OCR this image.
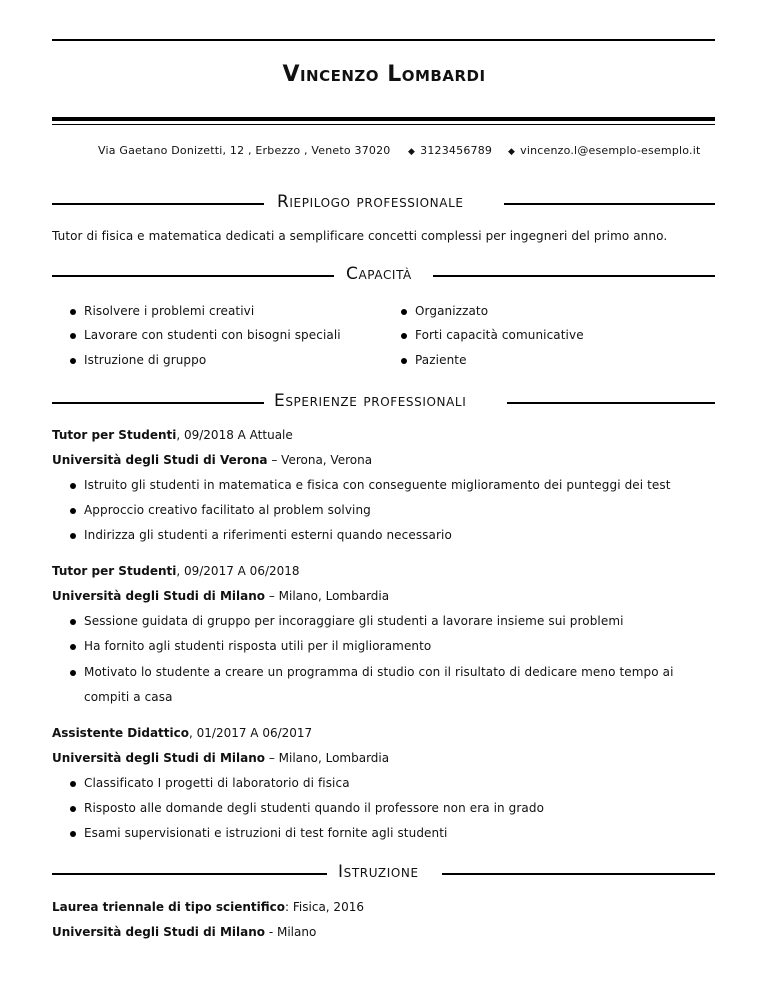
Vincenzo Lombardi
Via Gaetano Donizetti, 12 , Erbezzo , Veneto 37020 ◆ 3123456789 ◆ vincenzo.l@esemplo-esemplo.it
Riepilogo professionale
Tutor di fisica e matematica dedicati a semplificare concetti complessi per ingegneri del primo anno.
Capacità
Risolvere i problemi creativi
Lavorare con studenti con bisogni speciali
Istruzione di gruppo
Organizzato
Forti capacità comunicative
Paziente
Esperienze professionali
Tutor per Studenti, 09/2018 A Attuale
Università degli Studi di Verona – Verona, Verona
Istruito gli studenti in matematica e fisica con conseguente miglioramento dei punteggi dei test
Approccio creativo facilitato al problem solving
Indirizza gli studenti a riferimenti esterni quando necessario
Tutor per Studenti, 09/2017 A 06/2018
Università degli Studi di Milano – Milano, Lombardia
Sessione guidata di gruppo per incoraggiare gli studenti a lavorare insieme sui problemi
Ha fornito agli studenti risposta utili per il miglioramento
Motivato lo studente a creare un programma di studio con il risultato di dedicare meno tempo ai
compiti a casa
Assistente Didattico, 01/2017 A 06/2017
Università degli Studi di Milano – Milano, Lombardia
Classificato I progetti di laboratorio di fisica
Risposto alle domande degli studenti quando il professore non era in grado
Esami supervisionati e istruzioni di test fornite agli studenti
Istruzione
Laurea triennale di tipo scientifico: Fisica, 2016
Università degli Studi di Milano - Milano
